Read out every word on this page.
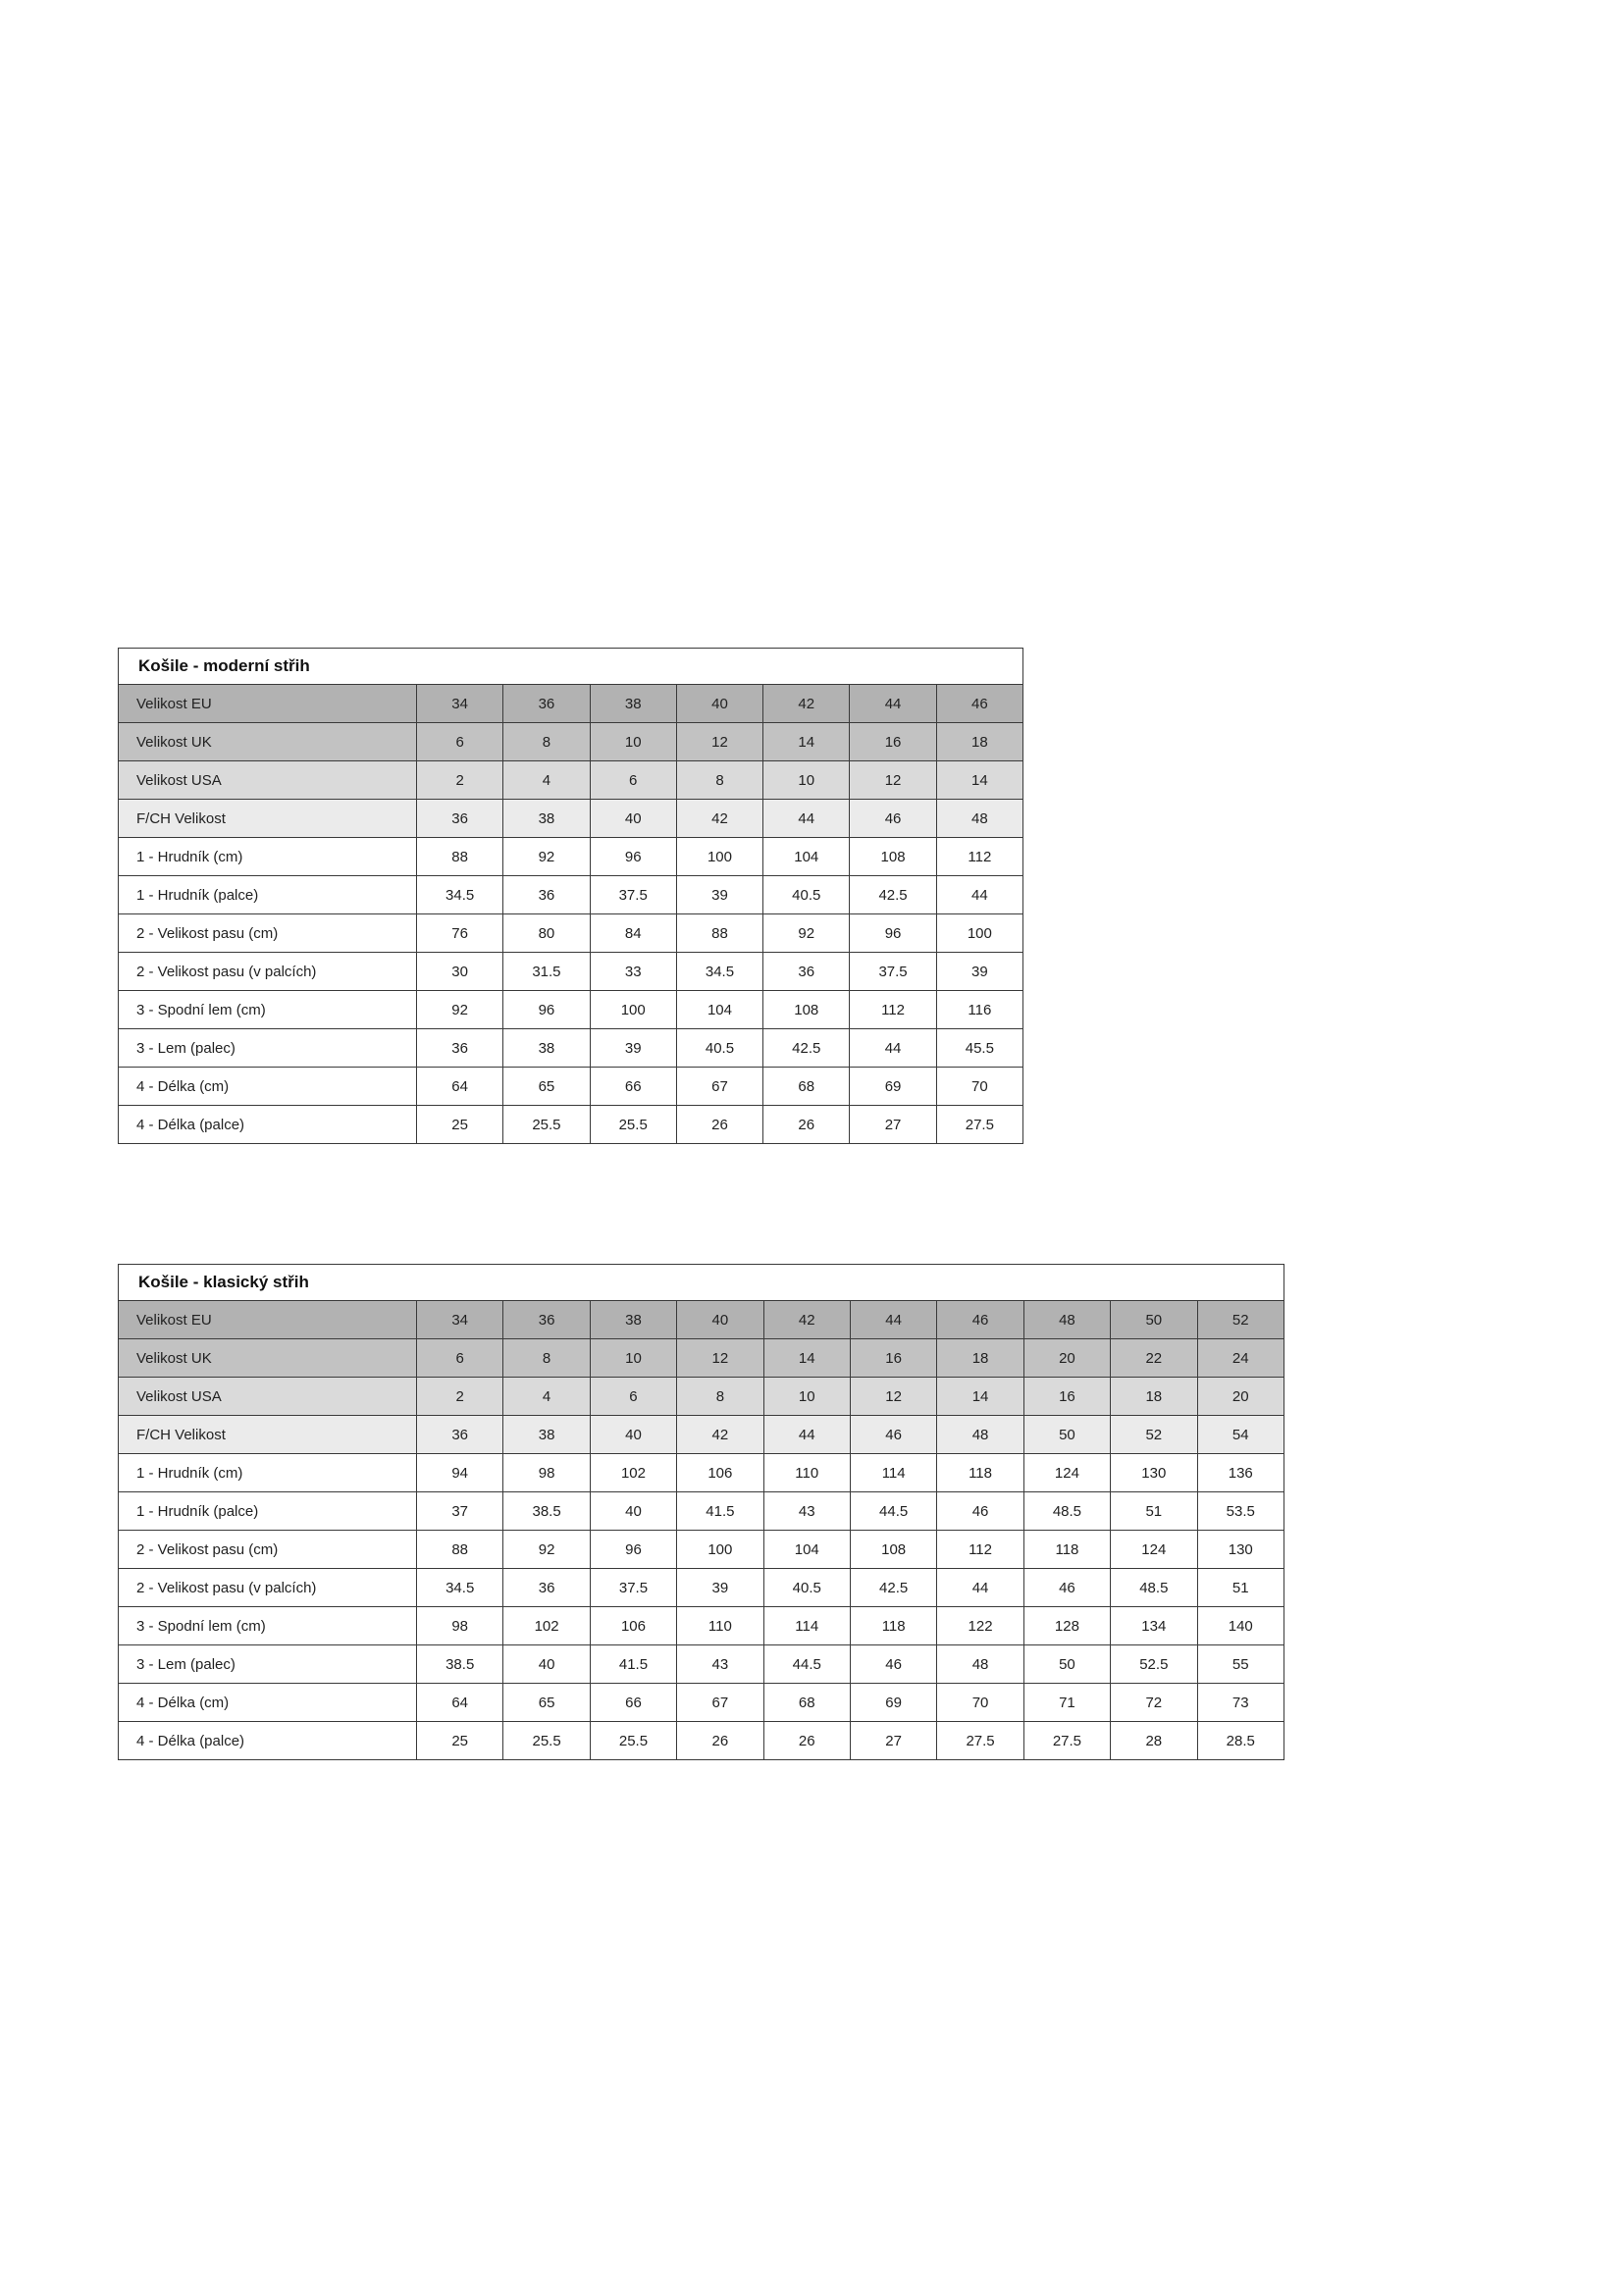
Košile - moderní střih							
Velikost EU	34	36	38	40	42	44	46
Velikost UK	6	8	10	12	14	16	18
Velikost USA	2	4	6	8	10	12	14
F/CH Velikost	36	38	40	42	44	46	48
1 - Hrudník (cm)	88	92	96	100	104	108	112
1 - Hrudník (palce)	34.5	36	37.5	39	40.5	42.5	44
2 - Velikost pasu (cm)	76	80	84	88	92	96	100
2 - Velikost pasu (v palcích)	30	31.5	33	34.5	36	37.5	39
3 - Spodní lem (cm)	92	96	100	104	108	112	116
3 - Lem (palec)	36	38	39	40.5	42.5	44	45.5
4 - Délka (cm)	64	65	66	67	68	69	70
4 - Délka (palce)	25	25.5	25.5	26	26	27	27.5
Košile - klasický střih										
Velikost EU	34	36	38	40	42	44	46	48	50	52
Velikost UK	6	8	10	12	14	16	18	20	22	24
Velikost USA	2	4	6	8	10	12	14	16	18	20
F/CH Velikost	36	38	40	42	44	46	48	50	52	54
1 - Hrudník (cm)	94	98	102	106	110	114	118	124	130	136
1 - Hrudník (palce)	37	38.5	40	41.5	43	44.5	46	48.5	51	53.5
2 - Velikost pasu (cm)	88	92	96	100	104	108	112	118	124	130
2 - Velikost pasu (v palcích)	34.5	36	37.5	39	40.5	42.5	44	46	48.5	51
3 - Spodní lem (cm)	98	102	106	110	114	118	122	128	134	140
3 - Lem (palec)	38.5	40	41.5	43	44.5	46	48	50	52.5	55
4 - Délka (cm)	64	65	66	67	68	69	70	71	72	73
4 - Délka (palce)	25	25.5	25.5	26	26	27	27.5	27.5	28	28.5
